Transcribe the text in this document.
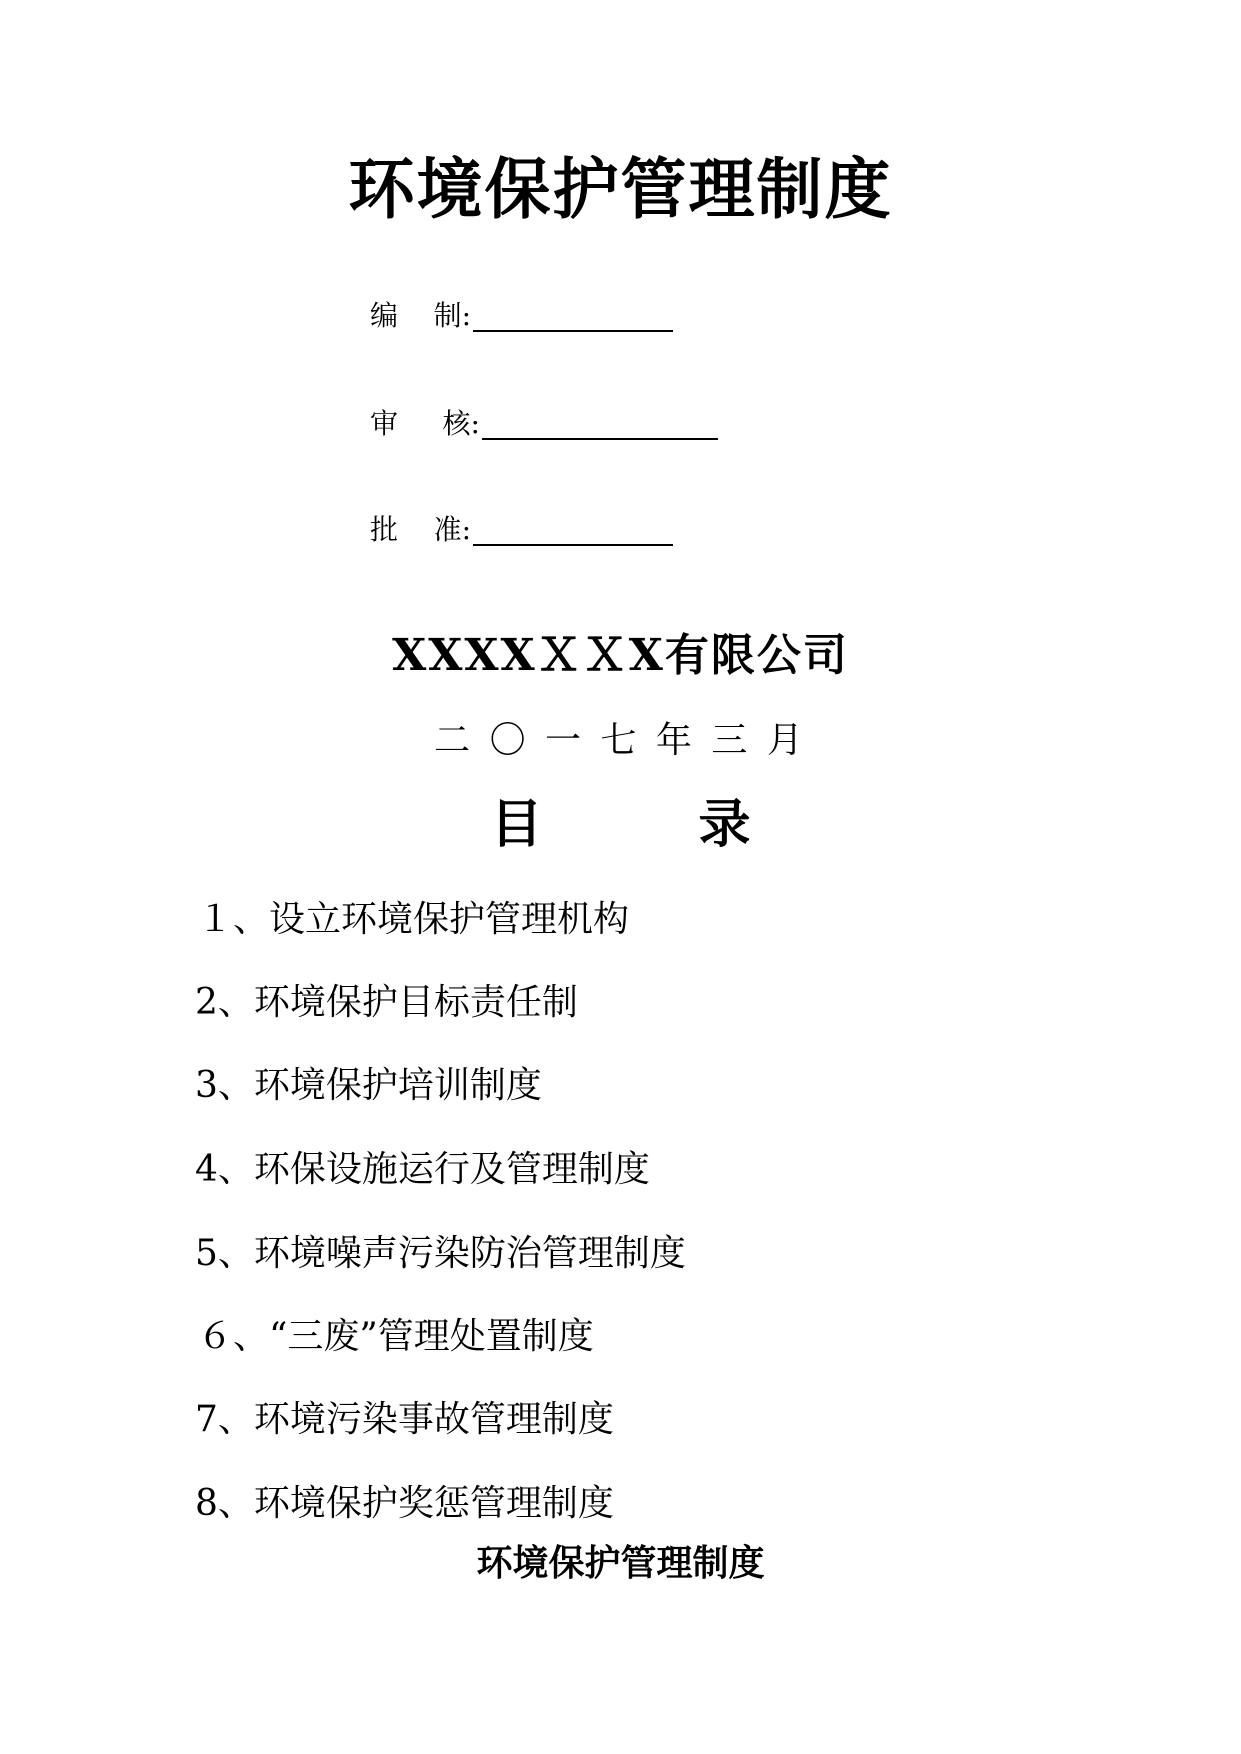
环境保护管理制度
编    制:
审     核:
批    准:
XXXXＸＸX有限公司
二 〇 一 七 年 三 月
目　　　录
１、设立环境保护管理机构
2、环境保护目标责任制
3、环境保护培训制度
4、环保设施运行及管理制度
5、环境噪声污染防治管理制度
６、“三废”管理处置制度
7、环境污染事故管理制度
8、环境保护奖惩管理制度
环境保护管理制度
